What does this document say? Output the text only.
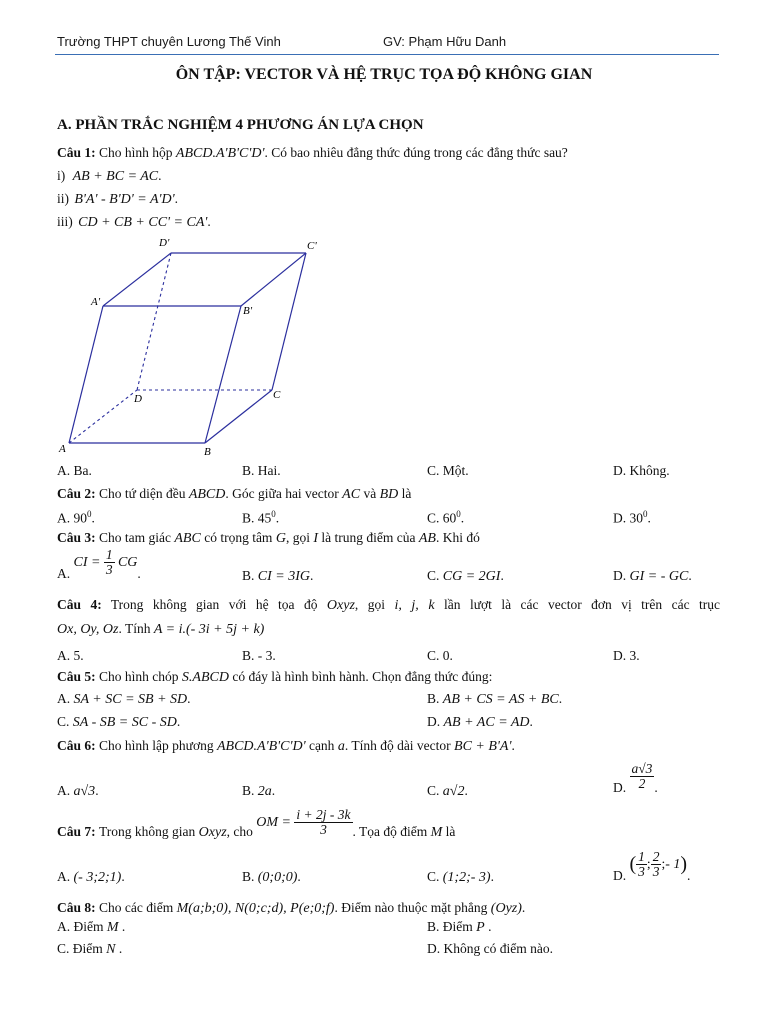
Trường THPT chuyên Lương Thế Vinh	GV: Phạm Hữu Danh
ÔN TẬP: VECTOR VÀ HỆ TRỤC TỌA ĐỘ KHÔNG GIAN
A. PHẦN TRẮC NGHIỆM 4 PHƯƠNG ÁN LỰA CHỌN
Câu 1: Cho hình hộp ABCD.A'B'C'D'. Có bao nhiêu đẳng thức đúng trong các đẳng thức sau?
i) AB + BC = AC.
ii) B'A' - B'D' = A'D'.
iii) CD + CB + CC' = CA'.
D'	C'
A'
B'
D	C
A	B
A. Ba.	B. Hai.	C. Một.	D. Không.
Câu 2: Cho tứ diện đều ABCD. Góc giữa hai vector AC và BD là
A. $90^0$.	B. $45^0$.	C. $60^0$.	D. $30^0$.
Câu 3: Cho tam giác ABC có trọng tâm G, gọi I là trung điểm của AB. Khi đó
A. CI = $\frac{1}{3}$ CG.	B. CI = 3IG.	C. CG = 2GI.	D. GI = - GC.
Câu 4: Trong không gian với hệ tọa độ Oxyz, gọi i, j, k lần lượt là các vector đơn vị trên các trục
Ox, Oy, Oz. Tính A = i.(- 3i + 5j + k)
A. 5.	B. - 3.	C. 0.	D. 3.
Câu 5: Cho hình chóp S.ABCD có đáy là hình bình hành. Chọn đẳng thức đúng:
A. SA + SC = SB + SD.	B. AB + CS = AS + BC.
C. SA - SB = SC - SD.	D. AB + AC = AD.
Câu 6: Cho hình lập phương ABCD.A'B'C'D' cạnh a. Tính độ dài vector BC + B'A'.
A. a√3.	B. 2a.	C. a√2.	D. $\frac{a√3}{2}$ .
Câu 7: Trong không gian Oxyz, cho OM = $\frac{i + 2j - 3k}{3}$ . Tọa độ điểm M là
A. (- 3;2;1).	B. (0;0;0).	C. (1;2;- 3).	D. ( $\frac{1}{3}$ ; $\frac{2}{3}$ ;- 1).
Câu 8: Cho các điểm M(a;b;0), N(0;c;d), P(e;0;f). Điểm nào thuộc mặt phẳng (Oyz).
A. Điểm M .	B. Điểm P .
C. Điểm N .	D. Không có điểm nào.
